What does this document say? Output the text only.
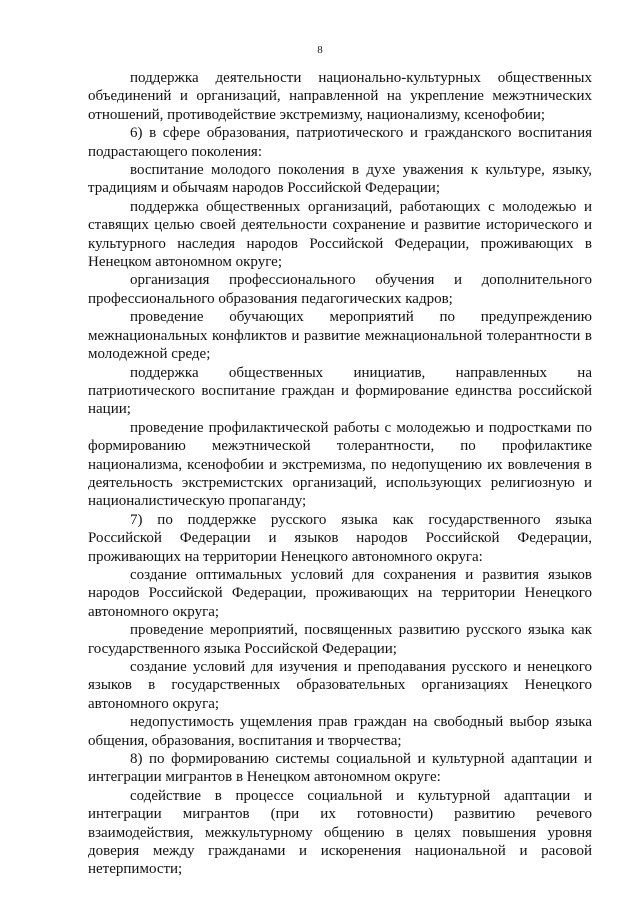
8

поддержка деятельности национально-культурных общественных объединений и организаций, направленной на укрепление межэтнических отношений, противодействие экстремизму, национализму, ксенофобии;

6) в сфере образования, патриотического и гражданского воспитания подрастающего поколения:

воспитание молодого поколения в духе уважения к культуре, языку, традициям и обычаям народов Российской Федерации;

поддержка общественных организаций, работающих с молодежью и ставящих целью своей деятельности сохранение и развитие исторического и культурного наследия народов Российской Федерации, проживающих в Ненецком автономном округе;

организация профессионального обучения и дополнительного профессионального образования педагогических кадров;

проведение обучающих мероприятий по предупреждению межнациональных конфликтов и развитие межнациональной толерантности в молодежной среде;

поддержка общественных инициатив, направленных на патриотического воспитание граждан и формирование единства российской нации;

проведение профилактической работы с молодежью и подростками по формированию межэтнической толерантности, по профилактике национализма, ксенофобии и экстремизма, по недопущению их вовлечения в деятельность экстремистских организаций, использующих религиозную и националистическую пропаганду;

7) по поддержке русского языка как государственного языка Российской Федерации и языков народов Российской Федерации, проживающих на территории Ненецкого автономного округа:

создание оптимальных условий для сохранения и развития языков народов Российской Федерации, проживающих на территории Ненецкого автономного округа;

проведение мероприятий, посвященных развитию русского языка как государственного языка Российской Федерации;

создание условий для изучения и преподавания русского и ненецкого языков в государственных образовательных организациях Ненецкого автономного округа;

недопустимость ущемления прав граждан на свободный выбор языка общения, образования, воспитания и творчества;

8) по формированию системы социальной и культурной адаптации и интеграции мигрантов в Ненецком автономном округе:

содействие в процессе социальной и культурной адаптации и интеграции мигрантов (при их готовности) развитию речевого взаимодействия, межкультурному общению в целях повышения уровня доверия между гражданами и искоренения национальной и расовой нетерпимости;
